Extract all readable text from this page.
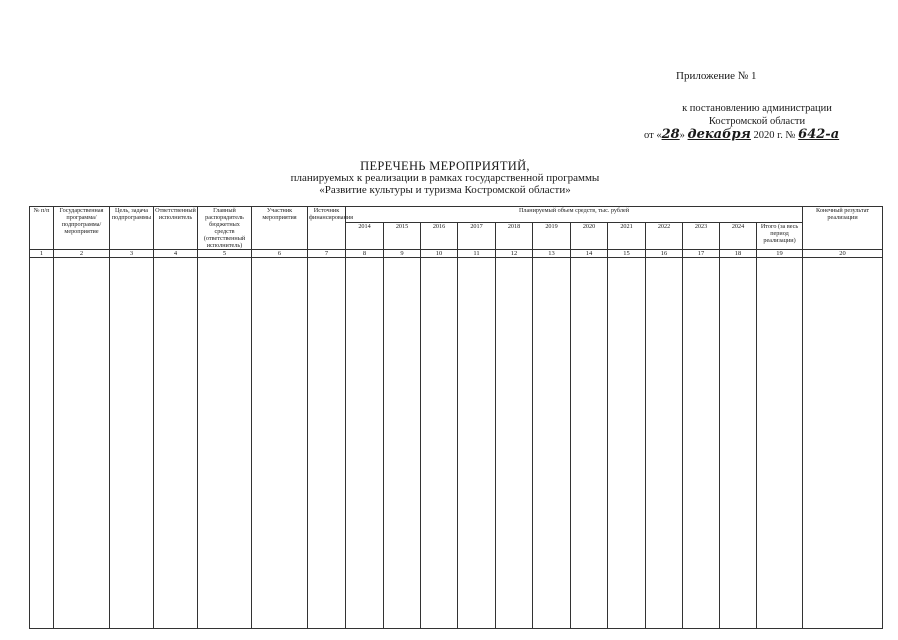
Приложение № 1
к постановлению администрации
Костромской области
от «28» декабря 2020 г. № 642-а
ПЕРЕЧЕНЬ МЕРОПРИЯТИЙ,
планируемых к реализации в рамках государственной программы
«Развитие культуры и туризма Костромской области»
№ п/п	Государственная программа/подпрограмма/мероприятие	Цель, задача подпрограммы	Ответственный исполнитель	Главный распорядитель бюджетных средств (ответственный исполнитель)	Участник мероприятия	Источник финансирования	Планируемый объем средств, тыс. рублей												Конечный результат реализации
							2014	2015	2016	2017	2018	2019	2020	2021	2022	2023	2024	Итого (за весь период реализации)	
1	2	3	4	5	6	7	8	9	10	11	12	13	14	15	16	17	18	19	20
